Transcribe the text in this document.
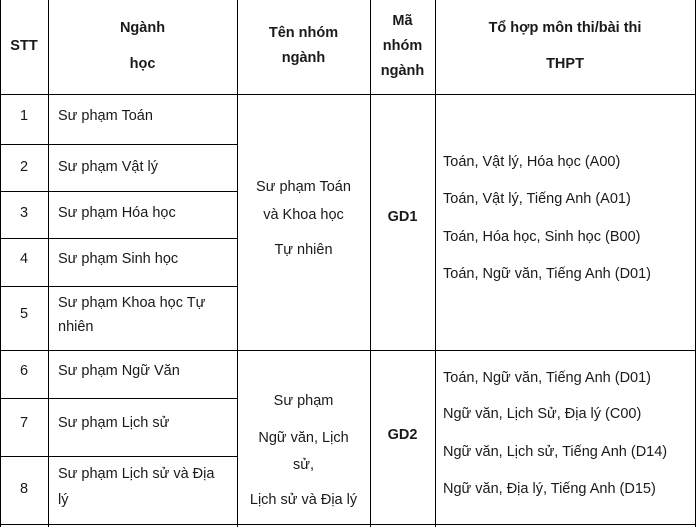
STT
Ngành
học
Tên nhóm
ngành
Mã
nhóm
ngành
Tổ hợp môn thi/bài thi
THPT
1
2
3
4
5
6
7
8
Sư phạm Toán
Sư phạm Vật lý
Sư phạm Hóa học
Sư phạm Sinh học
Sư phạm Khoa học Tự
nhiên
Sư phạm Ngữ Văn
Sư phạm Lịch sử
Sư phạm Lịch sử và Địa
lý
Sư phạm Toán
và Khoa học
Tự nhiên
GD1
Toán, Vật lý, Hóa học (A00)
Toán, Vật lý, Tiếng Anh (A01)
Toán, Hóa học, Sinh học (B00)
Toán, Ngữ văn, Tiếng Anh (D01)
Sư phạm
Ngữ văn, Lịch
sử,
Lịch sử và Địa lý
GD2
Toán, Ngữ văn, Tiếng Anh (D01)
Ngữ văn, Lịch Sử, Địa lý (C00)
Ngữ văn, Lịch sử, Tiếng Anh (D14)
Ngữ văn, Địa lý, Tiếng Anh (D15)
